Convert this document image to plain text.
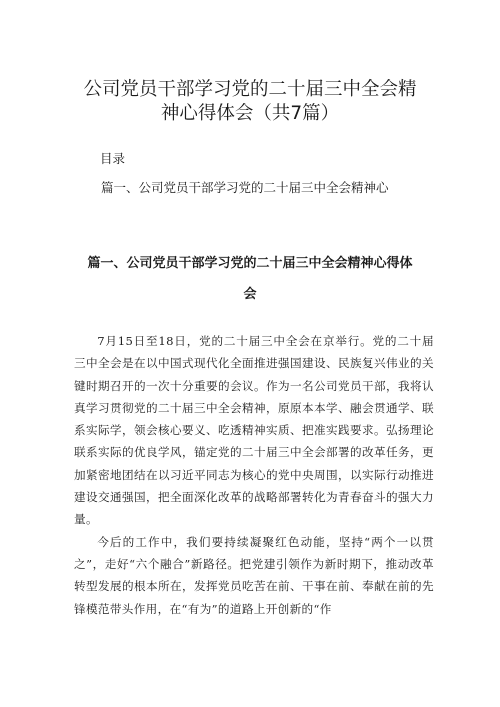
公司党员干部学习党的二十届三中全会精
神心得体会（共7篇）

目录

篇一、公司党员干部学习党的二十届三中全会精神心

篇一、公司党员干部学习党的二十届三中全会精神心得体
会

7月15日至18日，党的二十届三中全会在京举行。党的二十届三中全会是在以中国式现代化全面推进强国建设、民族复兴伟业的关键时期召开的一次十分重要的会议。作为一名公司党员干部，我将认真学习贯彻党的二十届三中全会精神，原原本本学、融会贯通学、联系实际学，领会核心要义、吃透精神实质、把准实践要求。弘扬理论联系实际的优良学风，锚定党的二十届三中全会部署的改革任务，更加紧密地团结在以习近平同志为核心的党中央周围，以实际行动推进建设交通强国，把全面深化改革的战略部署转化为青春奋斗的强大力量。

今后的工作中，我们要持续凝聚红色动能，坚持“两个一以贯之”，走好“六个融合”新路径。把党建引领作为新时期下，推动改革转型发展的根本所在，发挥党员吃苦在前、干事在前、奉献在前的先锋模范带头作用，在“有为”的道路上开创新的“作
